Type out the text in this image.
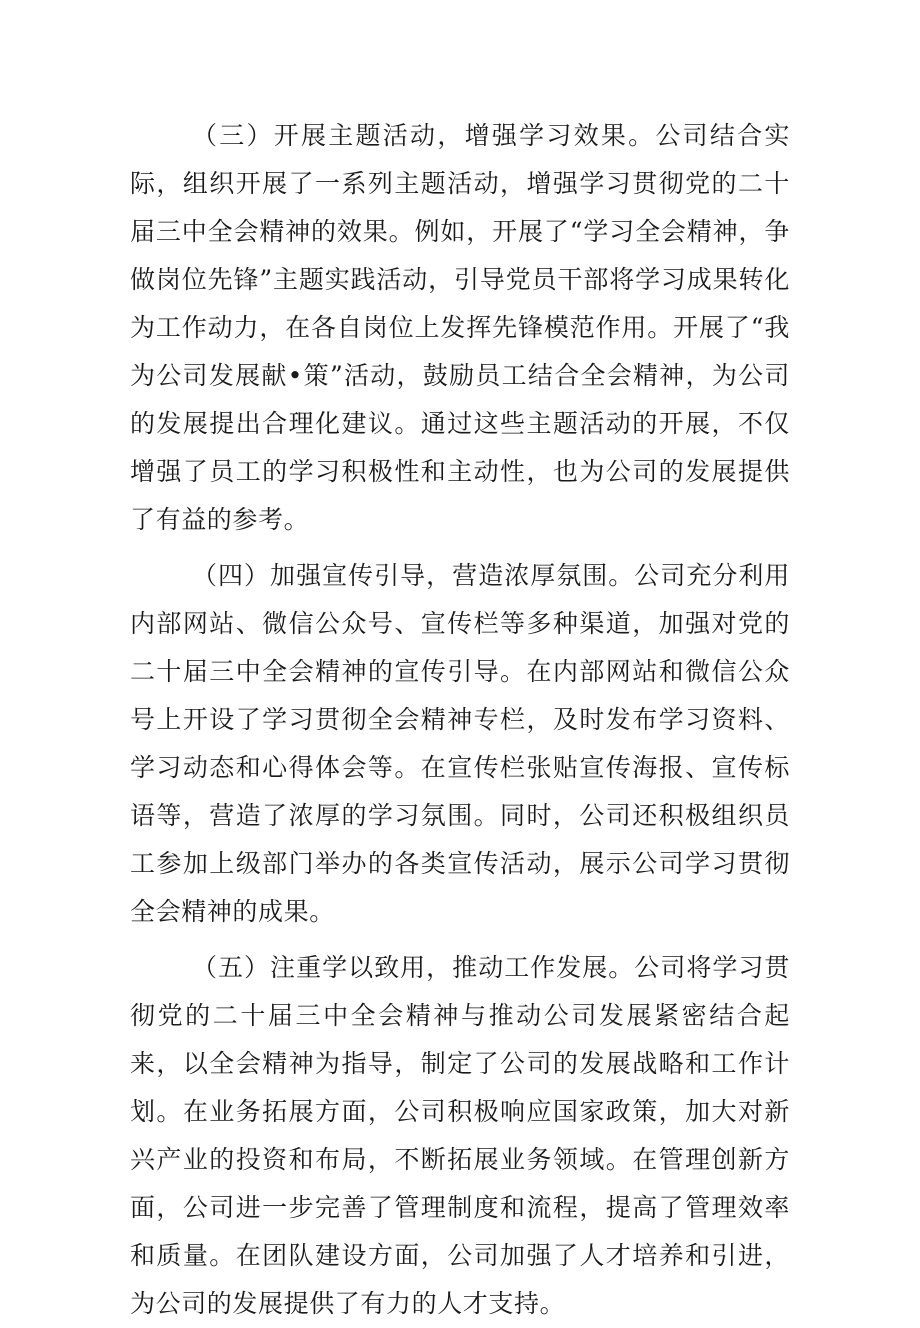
（三）开展主题活动，增强学习效果。公司结合实际，组织开展了一系列主题活动，增强学习贯彻党的二十届三中全会精神的效果。例如，开展了“学习全会精神，争做岗位先锋”主题实践活动，引导党员干部将学习成果转化为工作动力，在各自岗位上发挥先锋模范作用。开展了“我为公司发展献•策”活动，鼓励员工结合全会精神，为公司的发展提出合理化建议。通过这些主题活动的开展，不仅增强了员工的学习积极性和主动性，也为公司的发展提供了有益的参考。

（四）加强宣传引导，营造浓厚氛围。公司充分利用内部网站、微信公众号、宣传栏等多种渠道，加强对党的二十届三中全会精神的宣传引导。在内部网站和微信公众号上开设了学习贯彻全会精神专栏，及时发布学习资料、学习动态和心得体会等。在宣传栏张贴宣传海报、宣传标语等，营造了浓厚的学习氛围。同时，公司还积极组织员工参加上级部门举办的各类宣传活动，展示公司学习贯彻全会精神的成果。

（五）注重学以致用，推动工作发展。公司将学习贯彻党的二十届三中全会精神与推动公司发展紧密结合起来，以全会精神为指导，制定了公司的发展战略和工作计划。在业务拓展方面，公司积极响应国家政策，加大对新兴产业的投资和布局，不断拓展业务领域。在管理创新方面，公司进一步完善了管理制度和流程，提高了管理效率和质量。在团队建设方面，公司加强了人才培养和引进，为公司的发展提供了有力的人才支持。
